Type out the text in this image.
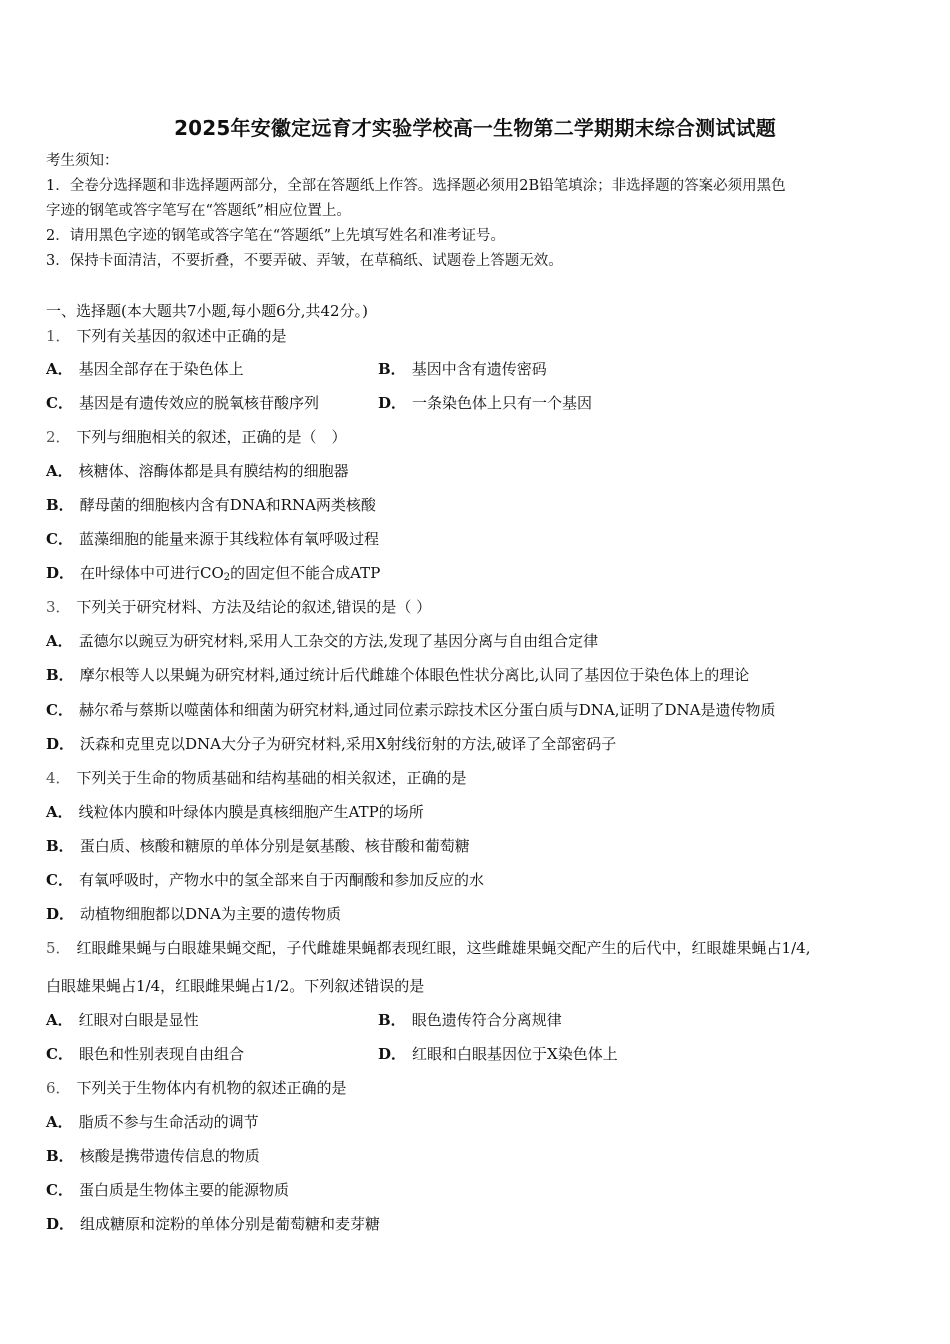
2025年安徽定远育才实验学校高一生物第二学期期末综合测试试题
考生须知：
1．全卷分选择题和非选择题两部分，全部在答题纸上作答。选择题必须用2B铅笔填涂；非选择题的答案必须用黑色
字迹的钢笔或答字笔写在“答题纸”相应位置上。
2．请用黑色字迹的钢笔或答字笔在“答题纸”上先填写姓名和准考证号。
3．保持卡面清洁，不要折叠，不要弄破、弄皱，在草稿纸、试题卷上答题无效。
一、选择题(本大题共7小题,每小题6分,共42分。)
1． 下列有关基因的叙述中正确的是
A． 基因全部存在于染色体上	B． 基因中含有遗传密码
C． 基因是有遗传效应的脱氧核苷酸序列	D． 一条染色体上只有一个基因
2． 下列与细胞相关的叙述，正确的是（　）
A． 核糖体、溶酶体都是具有膜结构的细胞器
B． 酵母菌的细胞核内含有DNA和RNA两类核酸
C． 蓝藻细胞的能量来源于其线粒体有氧呼吸过程
D． 在叶绿体中可进行$CO_2$的固定但不能合成ATP
3． 下列关于研究材料、方法及结论的叙述,错误的是（ ）
A． 孟德尔以豌豆为研究材料,采用人工杂交的方法,发现了基因分离与自由组合定律
B． 摩尔根等人以果蝇为研究材料,通过统计后代雌雄个体眼色性状分离比,认同了基因位于染色体上的理论
C． 赫尔希与蔡斯以噬菌体和细菌为研究材料,通过同位素示踪技术区分蛋白质与DNA,证明了DNA是遗传物质
D． 沃森和克里克以DNA大分子为研究材料,采用X射线衍射的方法,破译了全部密码子
4． 下列关于生命的物质基础和结构基础的相关叙述，正确的是
A． 线粒体内膜和叶绿体内膜是真核细胞产生ATP的场所
B． 蛋白质、核酸和糖原的单体分别是氨基酸、核苷酸和葡萄糖
C． 有氧呼吸时，产物水中的氢全部来自于丙酮酸和参加反应的水
D． 动植物细胞都以DNA为主要的遗传物质
5． 红眼雌果蝇与白眼雄果蝇交配，子代雌雄果蝇都表现红眼，这些雌雄果蝇交配产生的后代中，红眼雄果蝇占1/4,
白眼雄果蝇占1/4，红眼雌果蝇占1/2。下列叙述错误的是
A． 红眼对白眼是显性	B． 眼色遗传符合分离规律
C． 眼色和性别表现自由组合	D． 红眼和白眼基因位于X染色体上
6． 下列关于生物体内有机物的叙述正确的是
A． 脂质不参与生命活动的调节
B． 核酸是携带遗传信息的物质
C． 蛋白质是生物体主要的能源物质
D． 组成糖原和淀粉的单体分别是葡萄糖和麦芽糖
